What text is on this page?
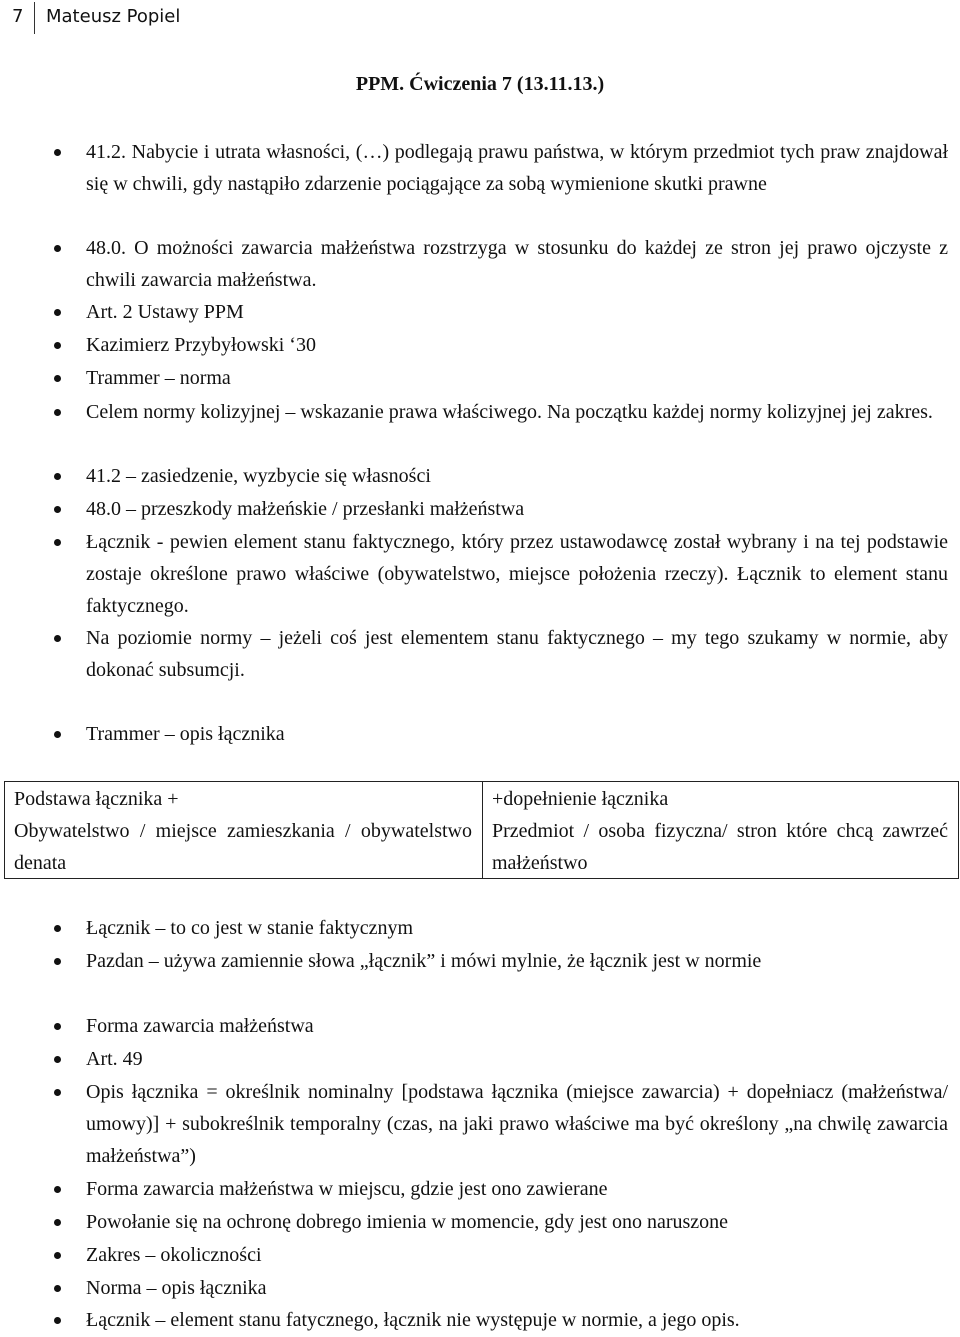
7 Mateusz Popiel
PPM. Ćwiczenia 7 (13.11.13.)
41.2. Nabycie i utrata własności, (…) podlegają prawu państwa, w którym przedmiot tych praw znajdował się w chwili, gdy nastąpiło zdarzenie pociągające za sobą wymienione skutki prawne
48.0. O możności zawarcia małżeństwa rozstrzyga w stosunku do każdej ze stron jej prawo ojczyste z chwili zawarcia małżeństwa.
Art. 2 Ustawy PPM
Kazimierz Przybyłowski ‘30
Trammer – norma
Celem normy kolizyjnej – wskazanie prawa właściwego. Na początku każdej normy kolizyjnej jej zakres.
41.2 – zasiedzenie, wyzbycie się własności
48.0 – przeszkody małżeńskie / przesłanki małżeństwa
Łącznik - pewien element stanu faktycznego, który przez ustawodawcę został wybrany i na tej podstawie zostaje określone prawo właściwe (obywatelstwo, miejsce położenia rzeczy). Łącznik to element stanu faktycznego.
Na poziomie normy – jeżeli coś jest elementem stanu faktycznego – my tego szukamy w normie, aby dokonać subsumcji.
Trammer – opis łącznika
Podstawa łącznika +
Obywatelstwo / miejsce zamieszkania / obywatelstwo denata
+dopełnienie łącznika
Przedmiot / osoba fizyczna/ stron które chcą zawrzeć małżeństwo
Łącznik – to co jest w stanie faktycznym
Pazdan – używa zamiennie słowa „łącznik” i mówi mylnie, że łącznik jest w normie
Forma zawarcia małżeństwa
Art. 49
Opis łącznika = określnik nominalny [podstawa łącznika (miejsce zawarcia) + dopełniacz (małżeństwa/ umowy)] + subokreślnik temporalny (czas, na jaki prawo właściwe ma być określony „na chwilę zawarcia małżeństwa”)
Forma zawarcia małżeństwa w miejscu, gdzie jest ono zawierane
Powołanie się na ochronę dobrego imienia w momencie, gdy jest ono naruszone
Zakres – okoliczności
Norma – opis łącznika
Łącznik – element stanu fatycznego, łącznik nie występuje w normie, a jego opis.
